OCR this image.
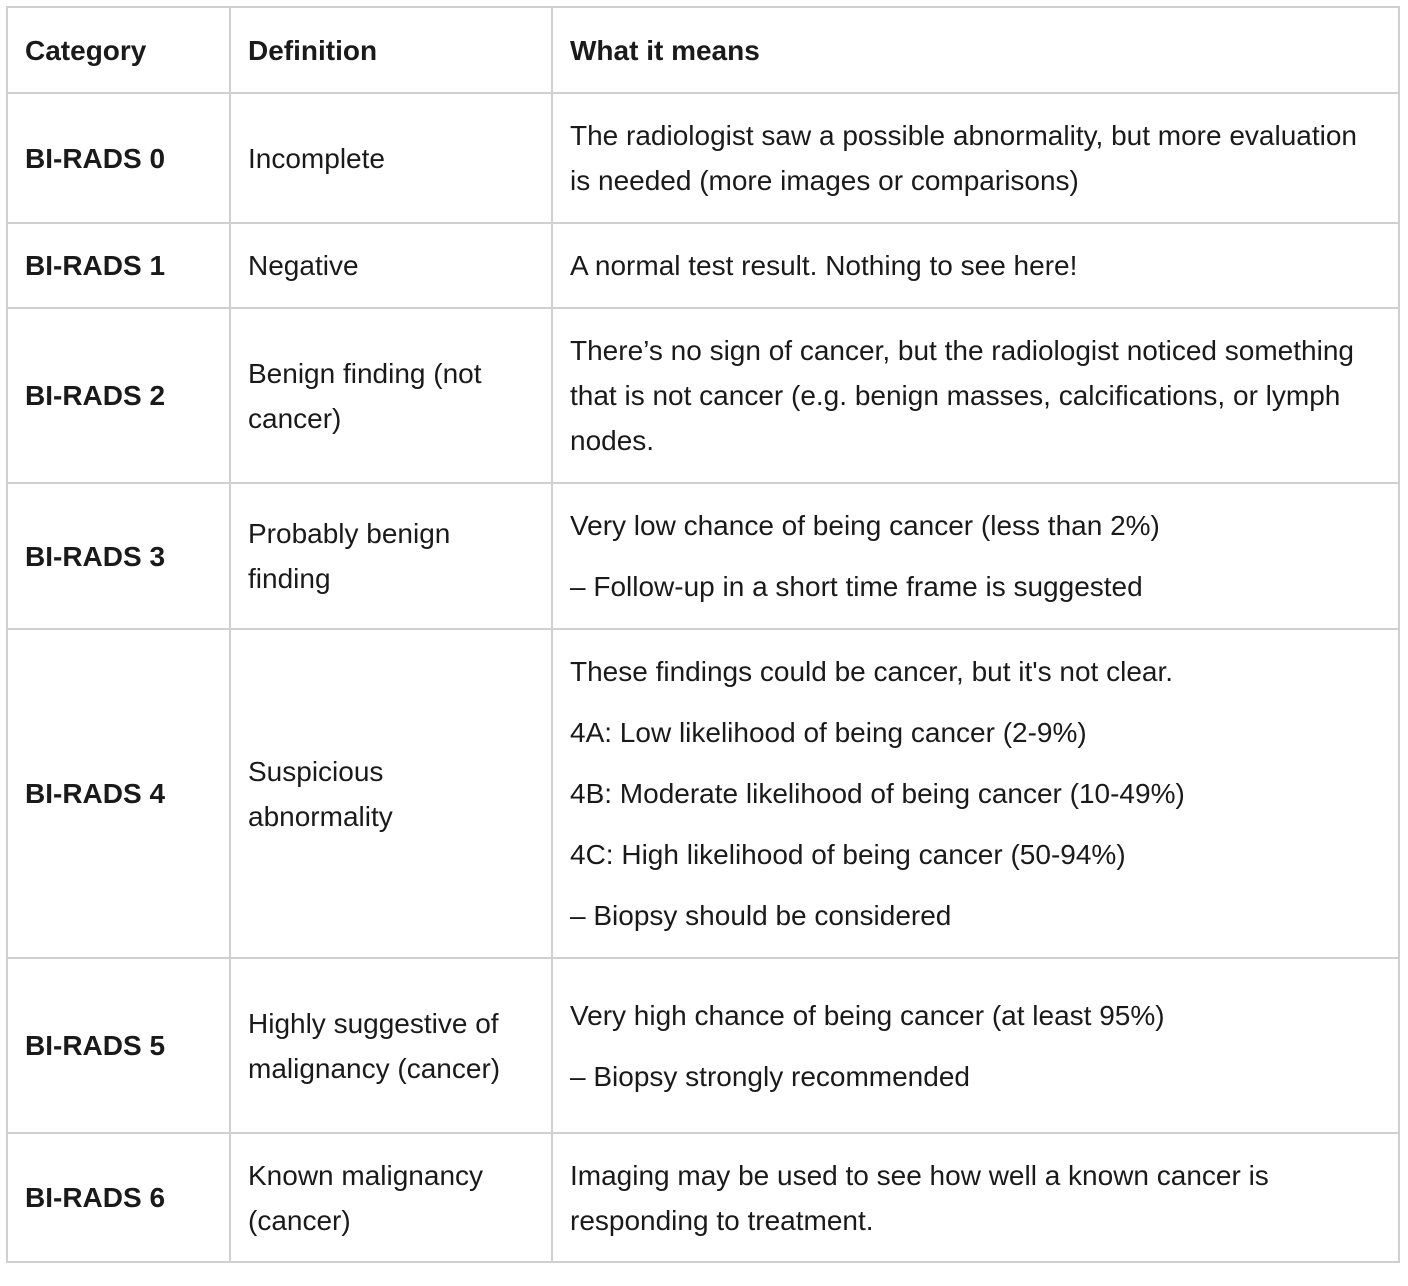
Category	Definition	What it means
BI-RADS 0	Incomplete	The radiologist saw a possible abnormality, but more evaluation is needed (more images or comparisons)

BI-RADS 1	Negative	A normal test result. Nothing to see here!

BI-RADS 2	Benign finding (not cancer)	There’s no sign of cancer, but the radiologist noticed something that is not cancer (e.g. benign masses, calcifications, or lymph nodes.

BI-RADS 3	Probably benign finding	Very low chance of being cancer (less than 2%)

– Follow-up in a short time frame is suggested

BI-RADS 4	Suspicious abnormality	These findings could be cancer, but it's not clear.

4A: Low likelihood of being cancer (2-9%)

4B: Moderate likelihood of being cancer (10-49%)

4C: High likelihood of being cancer (50-94%)

– Biopsy should be considered

BI-RADS 5	Highly suggestive of malignancy (cancer)	Very high chance of being cancer (at least 95%)

– Biopsy strongly recommended

BI-RADS 6	Known malignancy (cancer)	Imaging may be used to see how well a known cancer is responding to treatment.
